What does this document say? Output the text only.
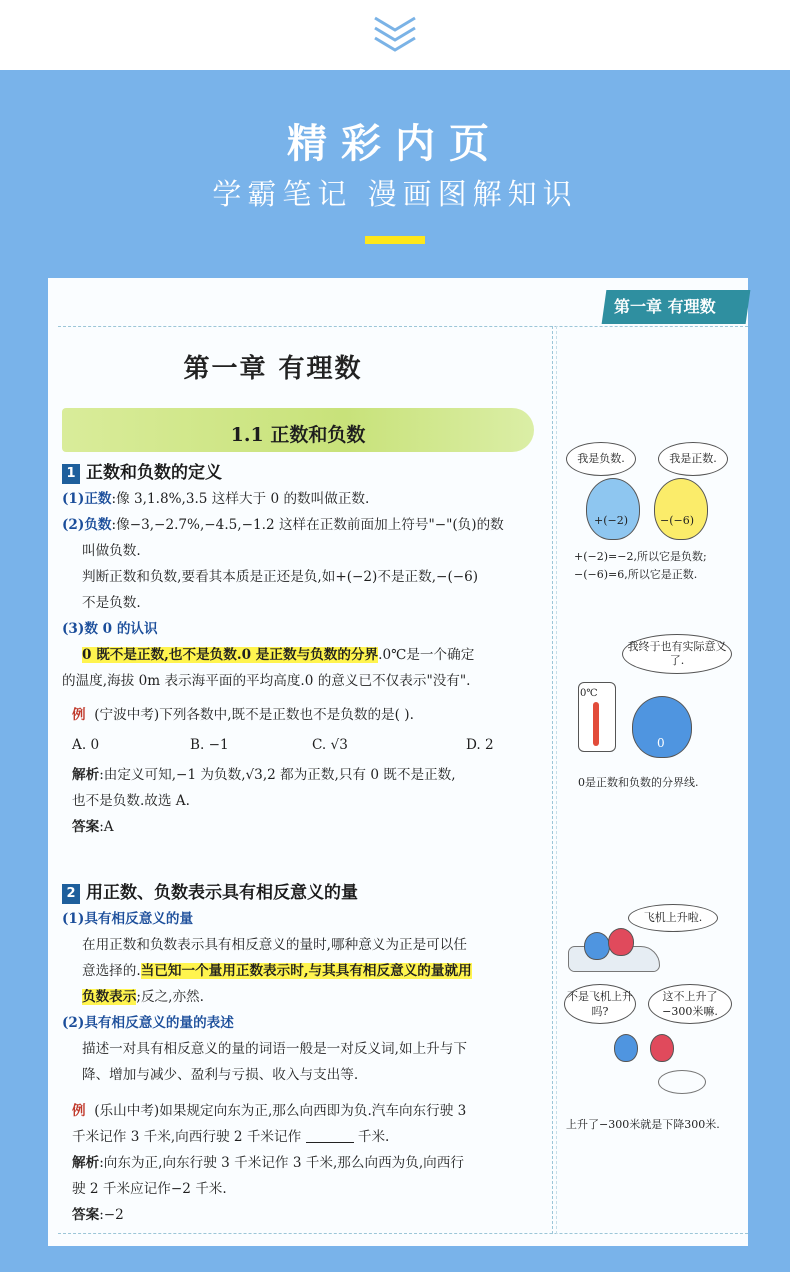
精彩内页
学霸笔记 漫画图解知识
第一章 有理数
第一章 有理数
1.1 正数和负数
1 正数和负数的定义
(1)正数:像 3,1.8%,3.5 这样大于 0 的数叫做正数.
(2)负数:像−3,−2.7%,−4.5,−1.2 这样在正数前面加上符号"−"(负)的数
叫做负数.
判断正数和负数,要看其本质是正还是负,如+(−2)不是正数,−(−6)
不是负数.
(3)数 0 的认识
0 既不是正数,也不是负数.0 是正数与负数的分界.0℃是一个确定
的温度,海拔 0m 表示海平面的平均高度.0 的意义已不仅表示"没有".
例 (宁波中考)下列各数中,既不是正数也不是负数的是( ).
A. 0	B. −1	C. √3	D. 2
解析:由定义可知,−1 为负数,√3,2 都为正数,只有 0 既不是正数,
也不是负数.故选 A.
答案:A
2 用正数、负数表示具有相反意义的量
(1)具有相反意义的量
在用正数和负数表示具有相反意义的量时,哪种意义为正是可以任
意选择的.当已知一个量用正数表示时,与其具有相反意义的量就用
负数表示;反之,亦然.
(2)具有相反意义的量的表述
描述一对具有相反意义的量的词语一般是一对反义词,如上升与下
降、增加与减少、盈利与亏损、收入与支出等.
例 (乐山中考)如果规定向东为正,那么向西即为负.汽车向东行驶 3
千米记作 3 千米,向西行驶 2 千米记作	千米.
解析:向东为正,向东行驶 3 千米记作 3 千米,那么向西为负,向西行
驶 2 千米应记作−2 千米.
答案:−2
我是负数.	我是正数.
+(−2)	−(−6)
+(−2)=−2,所以它是负数;
−(−6)=6,所以它是正数.
我终于也有实际意义了.
0℃
0
0是正数和负数的分界线.
飞机上升啦.
不是飞机上升吗?
这不上升了−300米嘛.
上升了−300米就是下降300米.
